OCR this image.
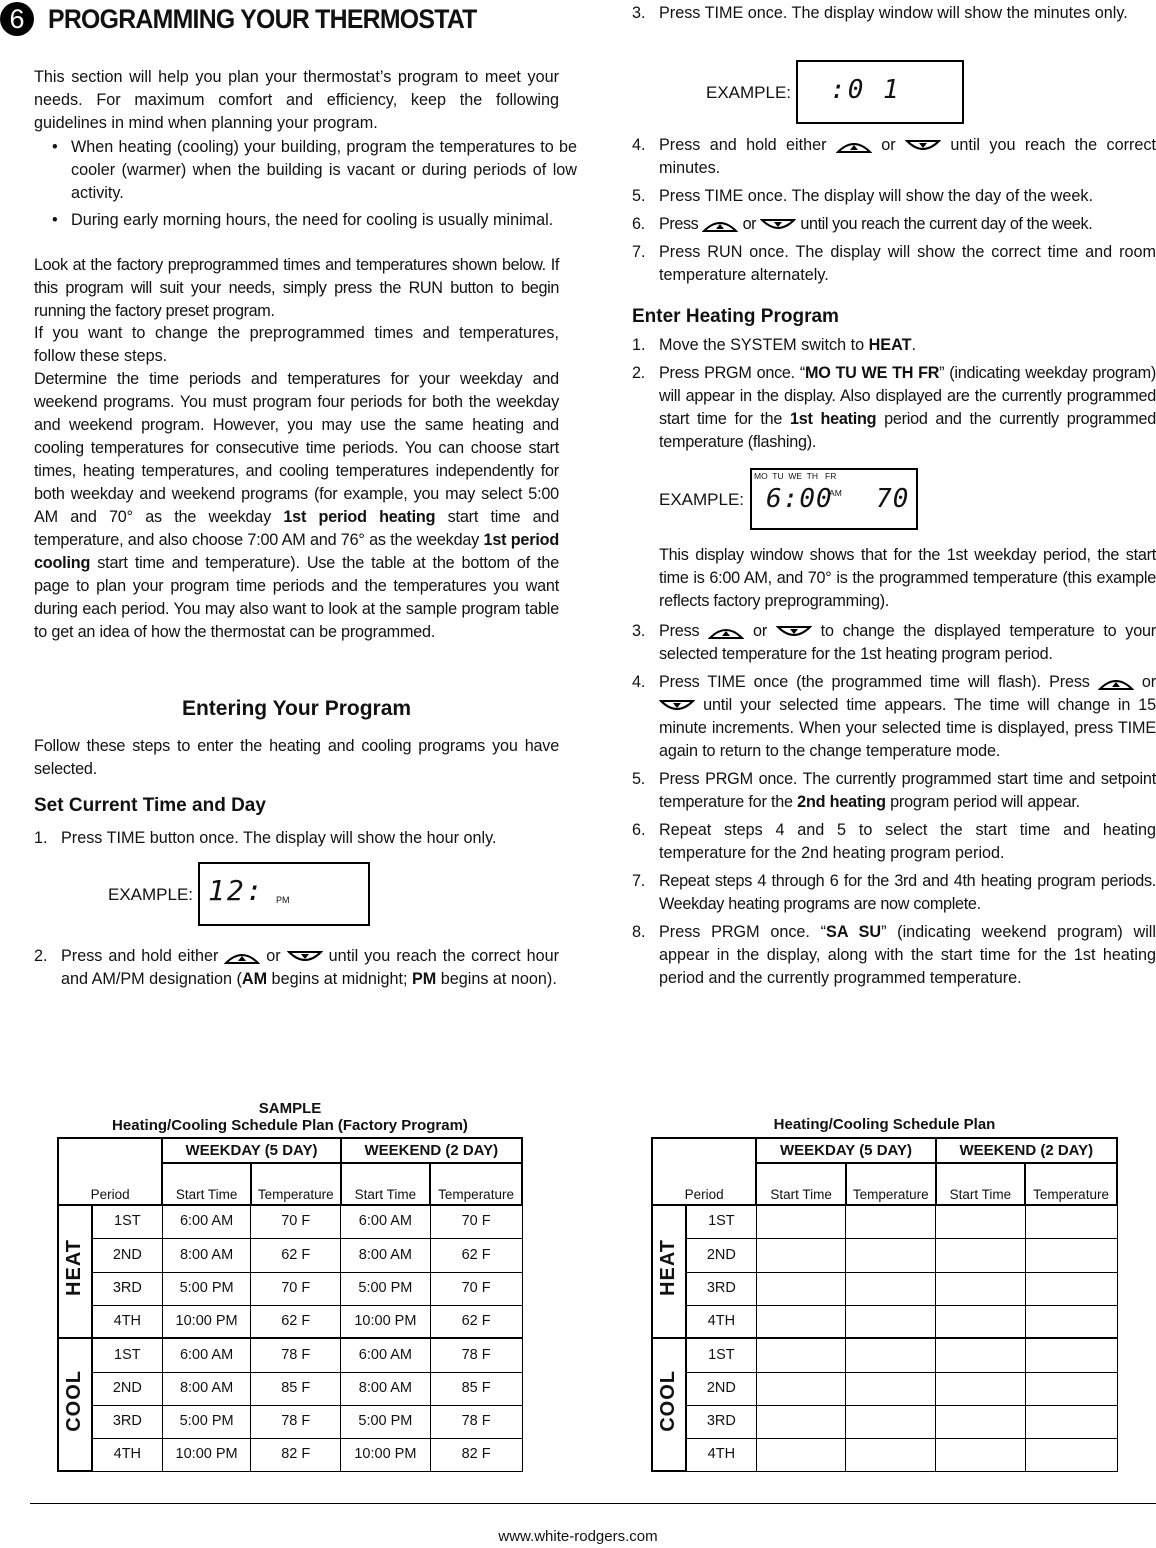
6 PROGRAMMING YOUR THERMOSTAT

This section will help you plan your thermostat’s program to meet your needs. For maximum comfort and efficiency, keep the following guidelines in mind when planning your program.

• When heating (cooling) your building, program the temperatures to be cooler (warmer) when the building is vacant or during periods of low activity.
• During early morning hours, the need for cooling is usually minimal.

Look at the factory preprogrammed times and temperatures shown below. If this program will suit your needs, simply press the RUN button to begin running the factory preset program.

If you want to change the preprogrammed times and temperatures, follow these steps.

Determine the time periods and temperatures for your weekday and weekend programs. You must program four periods for both the weekday and weekend program. However, you may use the same heating and cooling temperatures for consecutive time periods. You can choose start times, heating temperatures, and cooling temperatures independently for both weekday and weekend programs (for example, you may select 5:00 AM and 70° as the weekday 1st period heating start time and temperature, and also choose 7:00 AM and 76° as the weekday 1st period cooling start time and temperature). Use the table at the bottom of the page to plan your program time periods and the temperatures you want during each period. You may also want to look at the sample program table to get an idea of how the thermostat can be programmed.

Entering Your Program

Follow these steps to enter the heating and cooling programs you have selected.

Set Current Time and Day
1. Press TIME button once. The display will show the hour only.
EXAMPLE: 12: PM
2. Press and hold either
or
until you reach the correct hour and AM/PM designation (AM begins at midnight; PM begins at noon).
3. Press TIME once. The display window will show the minutes only.
EXAMPLE: :0 1
4. Press and hold either
or
until you reach the correct minutes.
5. Press TIME once. The display will show the day of the week.
6. Press
or
until you reach the current day of the week.
7. Press RUN once. The display will show the correct time and room temperature alternately.
Enter Heating Program
1. Move the SYSTEM switch to HEAT.
2. Press PRGM once. “MO TU WE TH FR” (indicating weekday program) will appear in the display. Also displayed are the currently programmed start time for the 1st heating period and the currently programmed temperature (flashing).
EXAMPLE:
MO  TU  WE  TH   FR
6:00
AM 70

This display window shows that for the 1st weekday period, the start time is 6:00 AM, and 70° is the programmed temperature (this example reflects factory preprogramming).

3. Press
or
to change the displayed temperature to your selected temperature for the 1st heating program period.
4. Press TIME once (the programmed time will flash). Press
or
until your selected time appears. The time will change in 15 minute increments. When your selected time is displayed, press TIME again to return to the change temperature mode.
5. Press PRGM once. The currently programmed start time and setpoint temperature for the 2nd heating program period will appear.
6. Repeat steps 4 and 5 to select the start time and heating temperature for the 2nd heating program period.
7. Repeat steps 4 through 6 for the 3rd and 4th heating program periods. Weekday heating programs are now complete.
8. Press PRGM once. “SA SU” (indicating weekend program) will appear in the display, along with the start time for the 1st heating period and the currently programmed temperature.
SAMPLE
Heating/Cooling Schedule Plan (Factory Program)
Period		WEEKDAY (5 DAY)		WEEKEND (2 DAY)	
		Start Time	Temperature	Start Time	Temperature
HEAT	1ST	6:00 AM	70 F	6:00 AM	70 F
	2ND	8:00 AM	62 F	8:00 AM	62 F
	3RD	5:00 PM	70 F	5:00 PM	70 F
	4TH	10:00 PM	62 F	10:00 PM	62 F
COOL	1ST	6:00 AM	78 F	6:00 AM	78 F
	2ND	8:00 AM	85 F	8:00 AM	85 F
	3RD	5:00 PM	78 F	5:00 PM	78 F
	4TH	10:00 PM	82 F	10:00 PM	82 F
Heating/Cooling Schedule Plan
Period		WEEKDAY (5 DAY)		WEEKEND (2 DAY)	
		Start Time	Temperature	Start Time	Temperature
HEAT	1ST				
	2ND				
	3RD				
	4TH				
COOL	1ST				
	2ND				
	3RD				
	4TH				
www.white-rodgers.com
